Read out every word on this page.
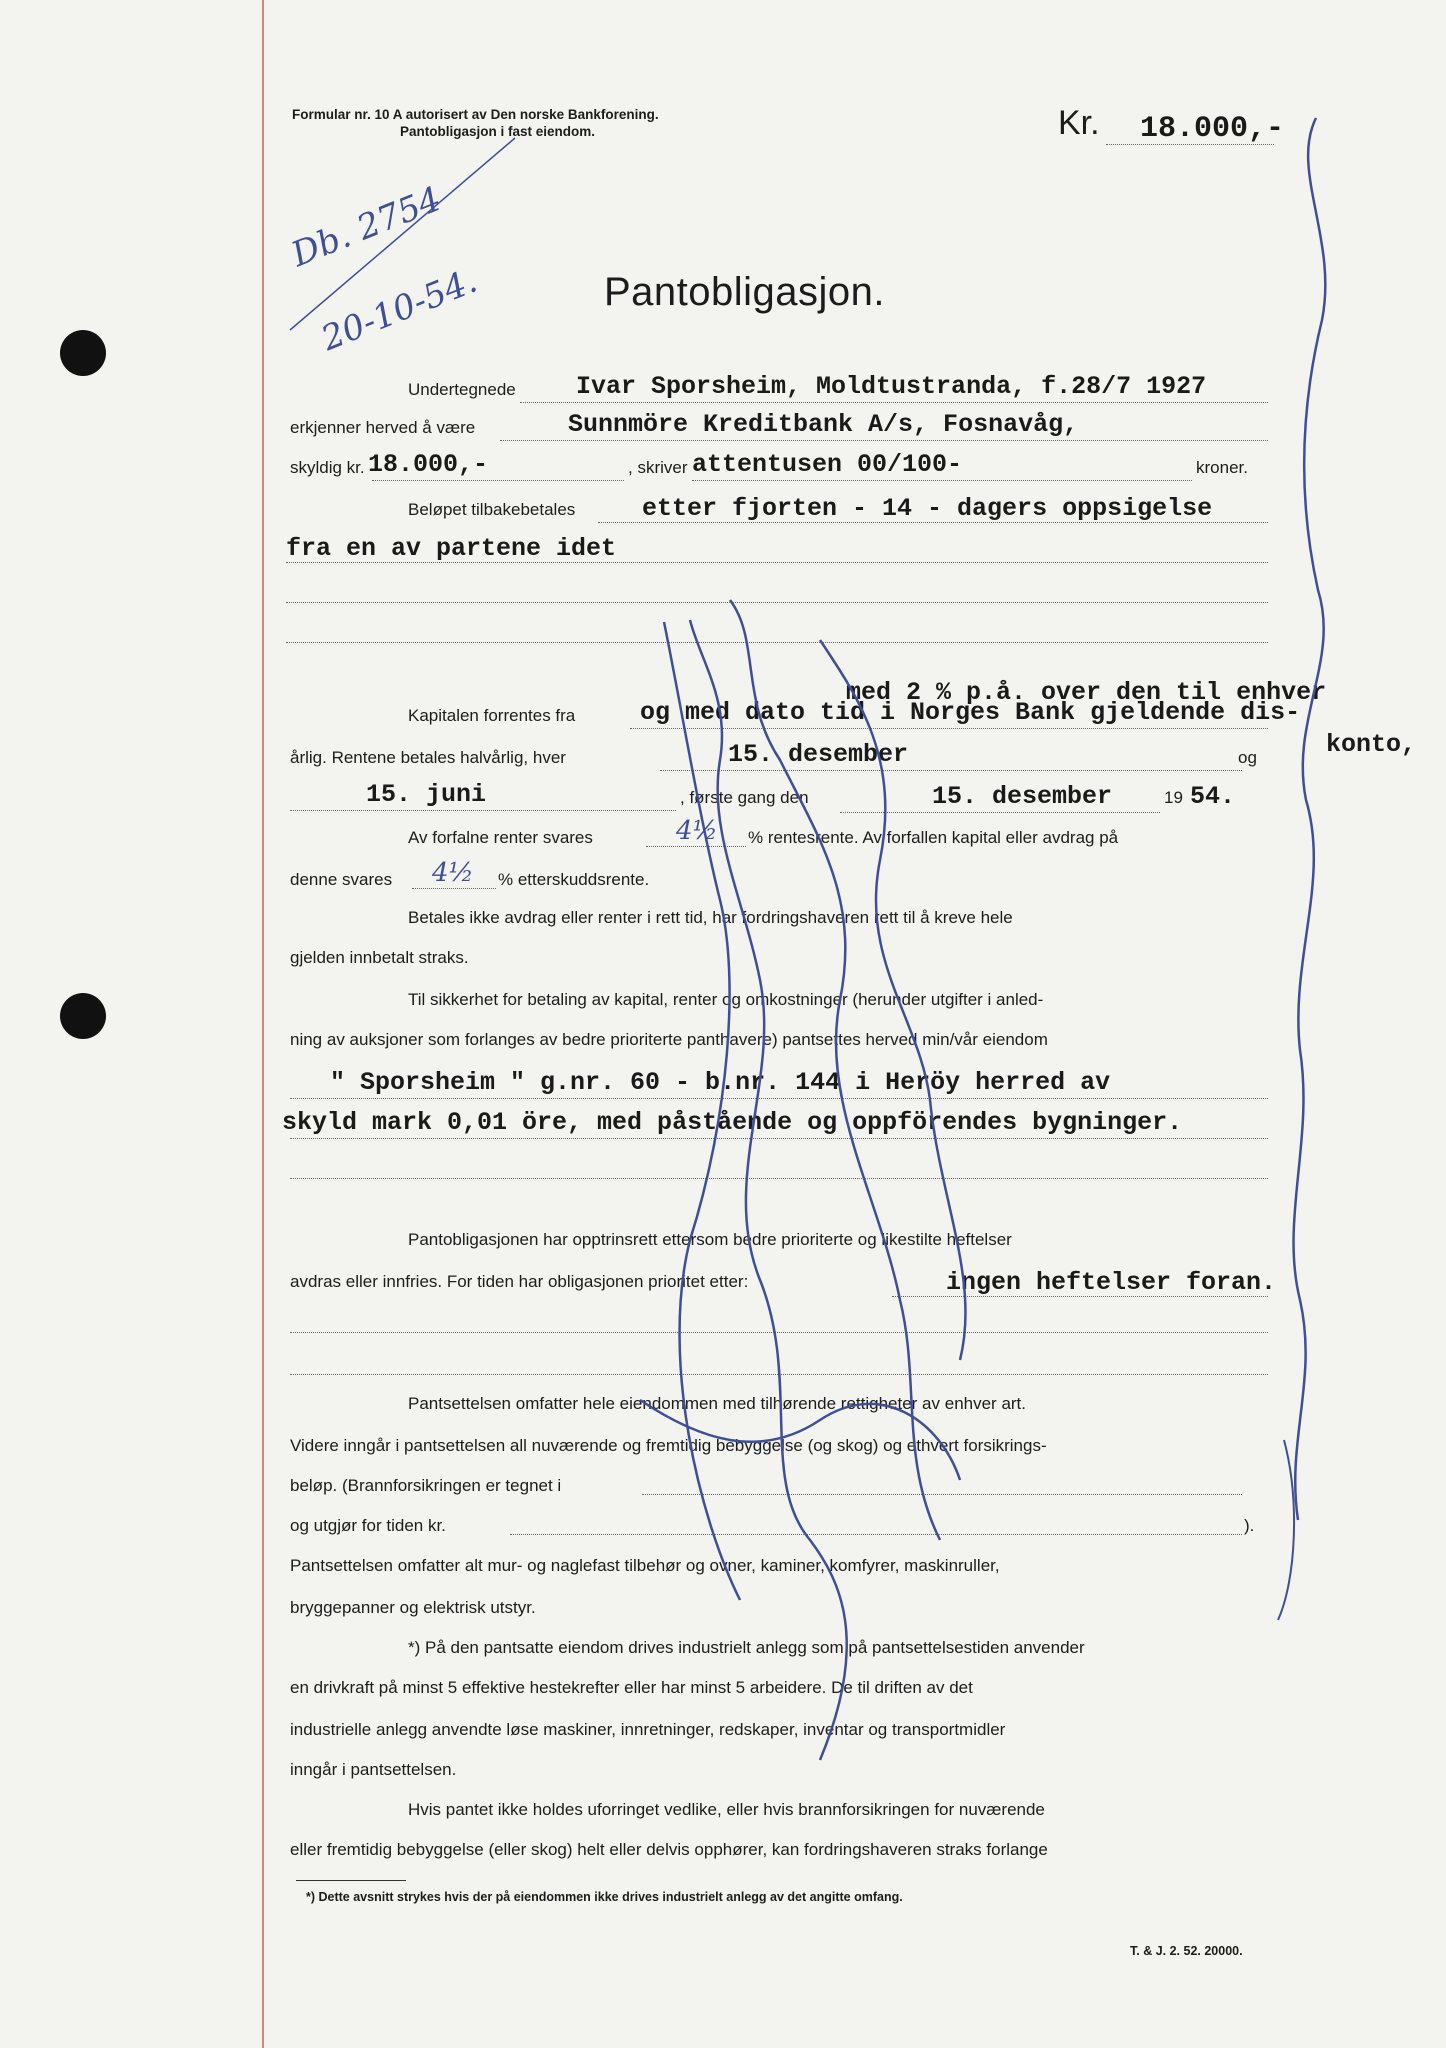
Formular nr. 10 A autorisert av Den norske Bankforening.
Pantobligasjon i fast eiendom.	Kr. 18.000,-
Db. 2754
20-10-54.	Pantobligasjon.
Undertegnede Ivar Sporsheim, Moldtustranda, f.28/7 1927
erkjenner herved å være	Sunnmöre Kreditbank A/s, Fosnavåg,
skyldig kr. 18.000,-	, skriver attentusen 00/100-	kroner.
Beløpet tilbakebetales	etter fjorten - 14 - dagers oppsigelse
fra en av partene idet
med 2 % p.å. over den til enhver
Kapitalen forrentes fra	og med dato tid i Norges Bank gjeldende dis-
konto,
årlig. Rentene betales halvårlig, hver	15. desember	og
15. juni	, første gang den	15. desember	19 54.
Av forfalne renter svares	4½ % rentesrente. Av forfallen kapital eller avdrag på
denne svares 4½ % etterskuddsrente.
Betales ikke avdrag eller renter i rett tid, har fordringshaveren rett til å kreve hele
gjelden innbetalt straks.
Til sikkerhet for betaling av kapital, renter og omkostninger (herunder utgifter i anled-
ning av auksjoner som forlanges av bedre prioriterte panthavere) pantsettes herved min/vår eiendom
" Sporsheim " g.nr. 60 - b.nr. 144 i Heröy herred av
skyld mark 0,01 öre, med påstående og oppförendes bygninger.
Pantobligasjonen har opptrinsrett ettersom bedre prioriterte og likestilte heftelser
avdras eller innfries. For tiden har obligasjonen prioritet etter:	ingen heftelser foran.
Pantsettelsen omfatter hele eiendommen med tilhørende rettigheter av enhver art.
Videre inngår i pantsettelsen all nuværende og fremtidig bebyggelse (og skog) og ethvert forsikrings-
beløp. (Brannforsikringen er tegnet i
og utgjør for tiden kr.	).
Pantsettelsen omfatter alt mur- og naglefast tilbehør og ovner, kaminer, komfyrer, maskinruller,
bryggepanner og elektrisk utstyr.
*) På den pantsatte eiendom drives industrielt anlegg som på pantsettelsestiden anvender
en drivkraft på minst 5 effektive hestekrefter eller har minst 5 arbeidere. De til driften av det
industrielle anlegg anvendte løse maskiner, innretninger, redskaper, inventar og transportmidler
inngår i pantsettelsen.
Hvis pantet ikke holdes uforringet vedlike, eller hvis brannforsikringen for nuværende
eller fremtidig bebyggelse (eller skog) helt eller delvis opphører, kan fordringshaveren straks forlange
*) Dette avsnitt strykes hvis der på eiendommen ikke drives industrielt anlegg av det angitte omfang.
T. & J. 2. 52. 20000.
